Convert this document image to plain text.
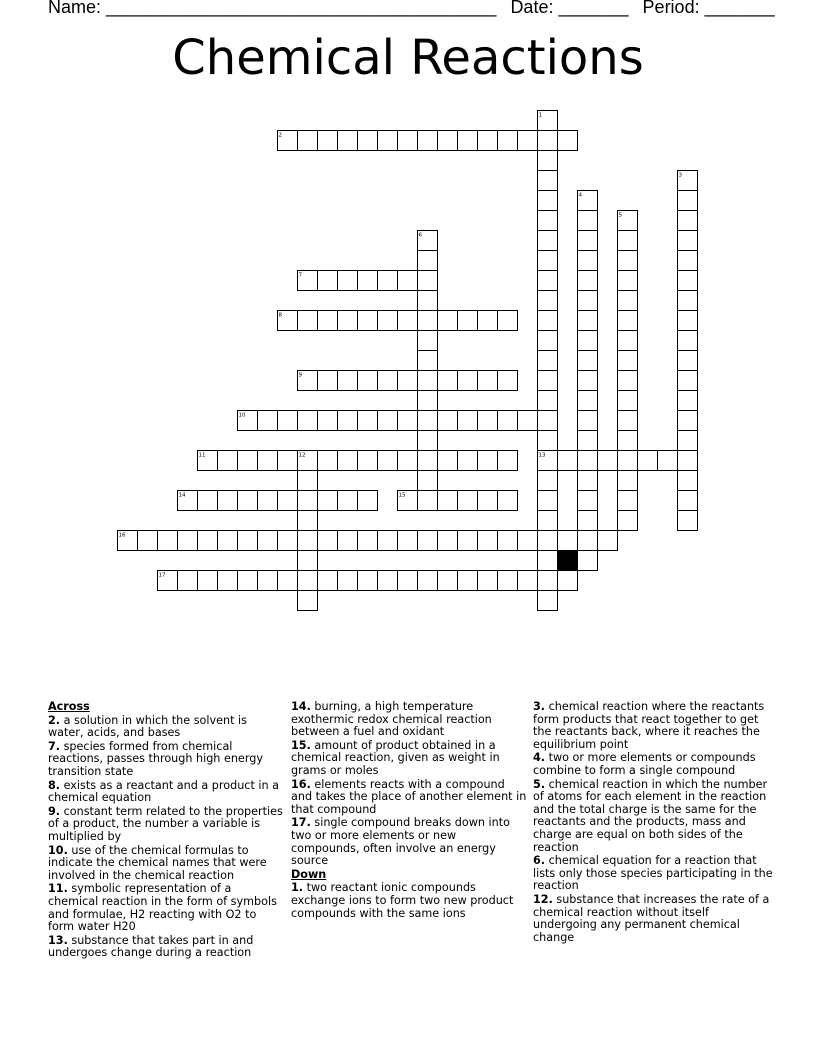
Name: _______________________________________ Date: _______ Period: _______
Chemical Reactions
1
2
3
4
5
6
7
8
9
10
11	12	13
14	15
16
17
Across
2. a solution in which the solvent is water, acids, and bases
7. species formed from chemical reactions, passes through high energy transition state
8. exists as a reactant and a product in a chemical equation
9. constant term related to the properties of a product, the number a variable is multiplied by
10. use of the chemical formulas to indicate the chemical names that were involved in the chemical reaction
11. symbolic representation of a chemical reaction in the form of symbols and formulae, H2 reacting with O2 to form water H20
13. substance that takes part in and undergoes change during a reaction
14. burning, a high temperature exothermic redox chemical reaction between a fuel and oxidant
15. amount of product obtained in a chemical reaction, given as weight in grams or moles
16. elements reacts with a compound and takes the place of another element in that compound
17. single compound breaks down into two or more elements or new compounds, often involve an energy source
Down
1. two reactant ionic compounds exchange ions to form two new product compounds with the same ions
3. chemical reaction where the reactants form products that react together to get the reactants back, where it reaches the equilibrium point
4. two or more elements or compounds combine to form a single compound
5. chemical reaction in which the number of atoms for each element in the reaction and the total charge is the same for the reactants and the products, mass and charge are equal on both sides of the reaction
6. chemical equation for a reaction that lists only those species participating in the reaction
12. substance that increases the rate of a chemical reaction without itself undergoing any permanent chemical change
